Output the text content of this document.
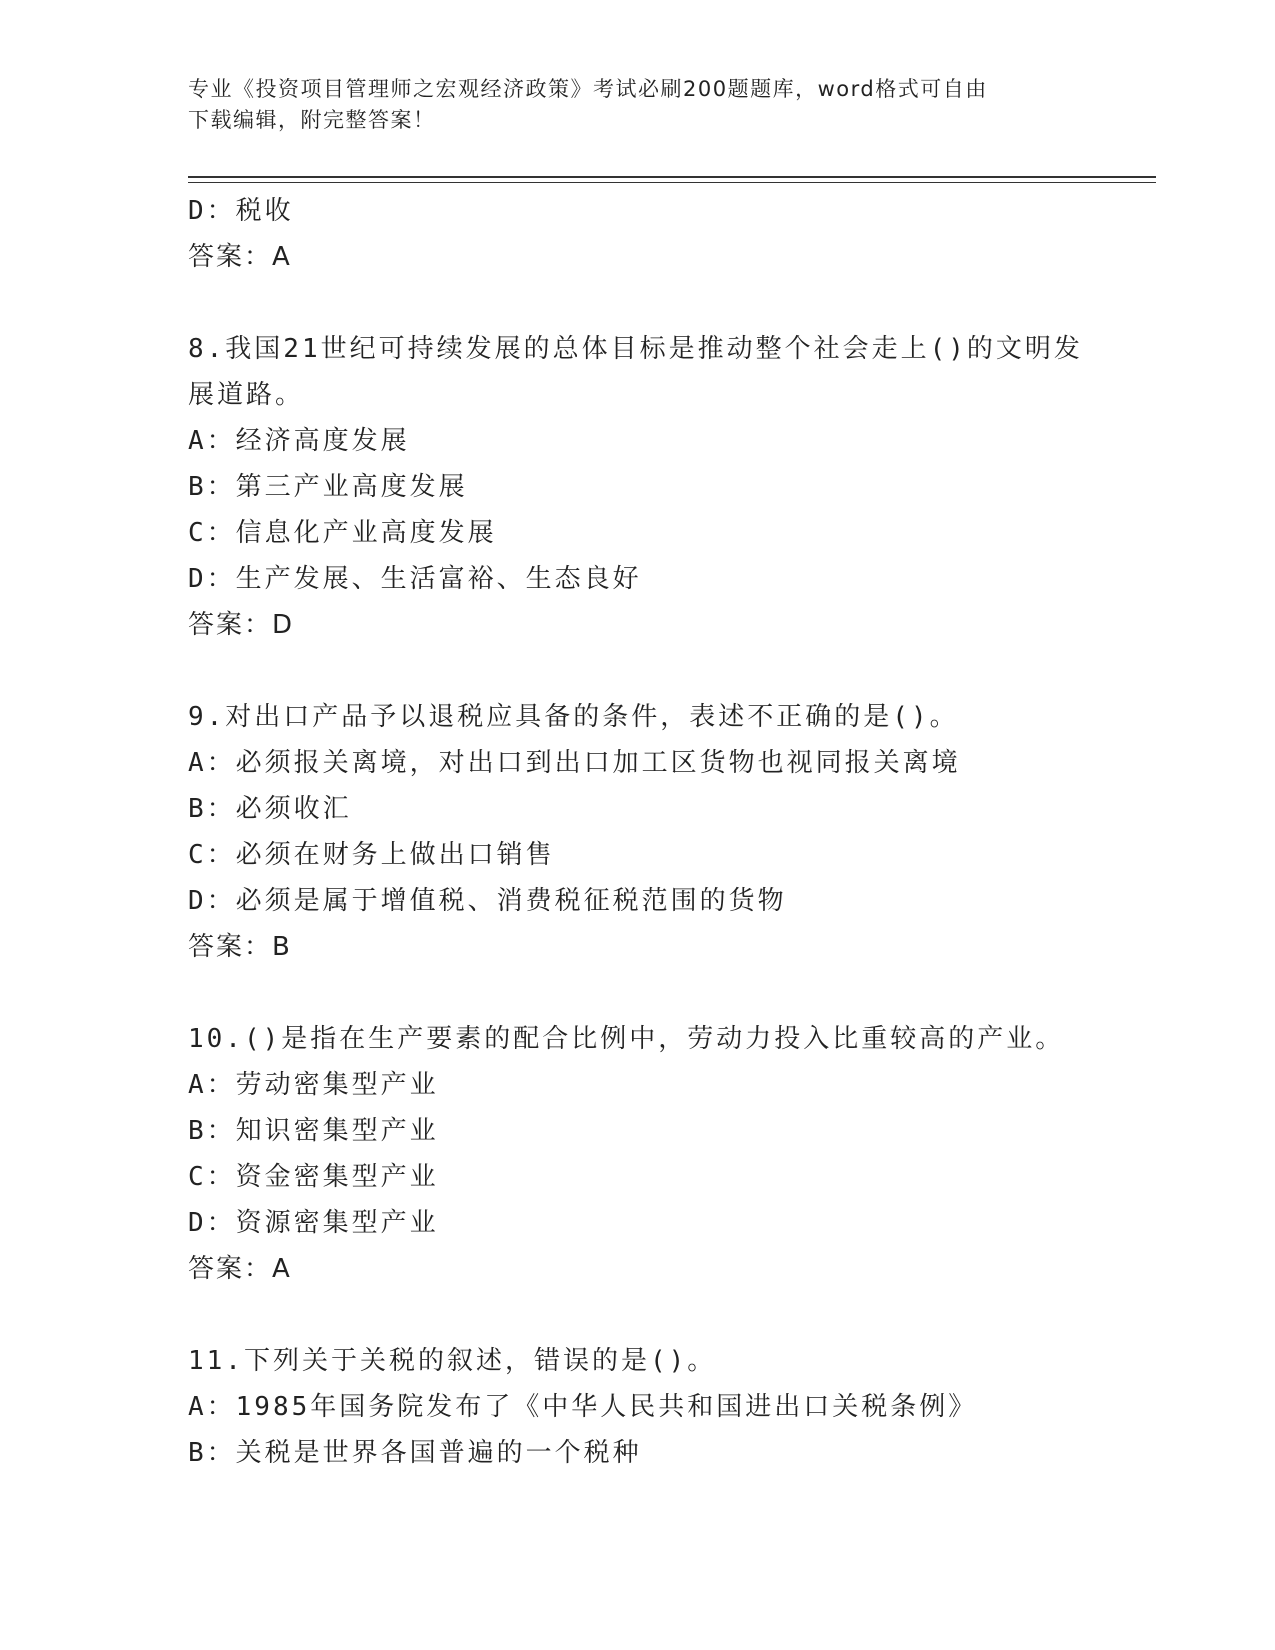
专业《投资项目管理师之宏观经济政策》考试必刷200题题库，word格式可自由
下载编辑，附完整答案！
D：税收
答案：A
8.我国21世纪可持续发展的总体目标是推动整个社会走上()的文明发
展道路。
A：经济高度发展
B：第三产业高度发展
C：信息化产业高度发展
D：生产发展、生活富裕、生态良好
答案：D
9.对出口产品予以退税应具备的条件，表述不正确的是()。
A：必须报关离境，对出口到出口加工区货物也视同报关离境
B：必须收汇
C：必须在财务上做出口销售
D：必须是属于增值税、消费税征税范围的货物
答案：B
10.()是指在生产要素的配合比例中，劳动力投入比重较高的产业。
A：劳动密集型产业
B：知识密集型产业
C：资金密集型产业
D：资源密集型产业
答案：A
11.下列关于关税的叙述，错误的是()。
A：1985年国务院发布了《中华人民共和国进出口关税条例》
B：关税是世界各国普遍的一个税种
